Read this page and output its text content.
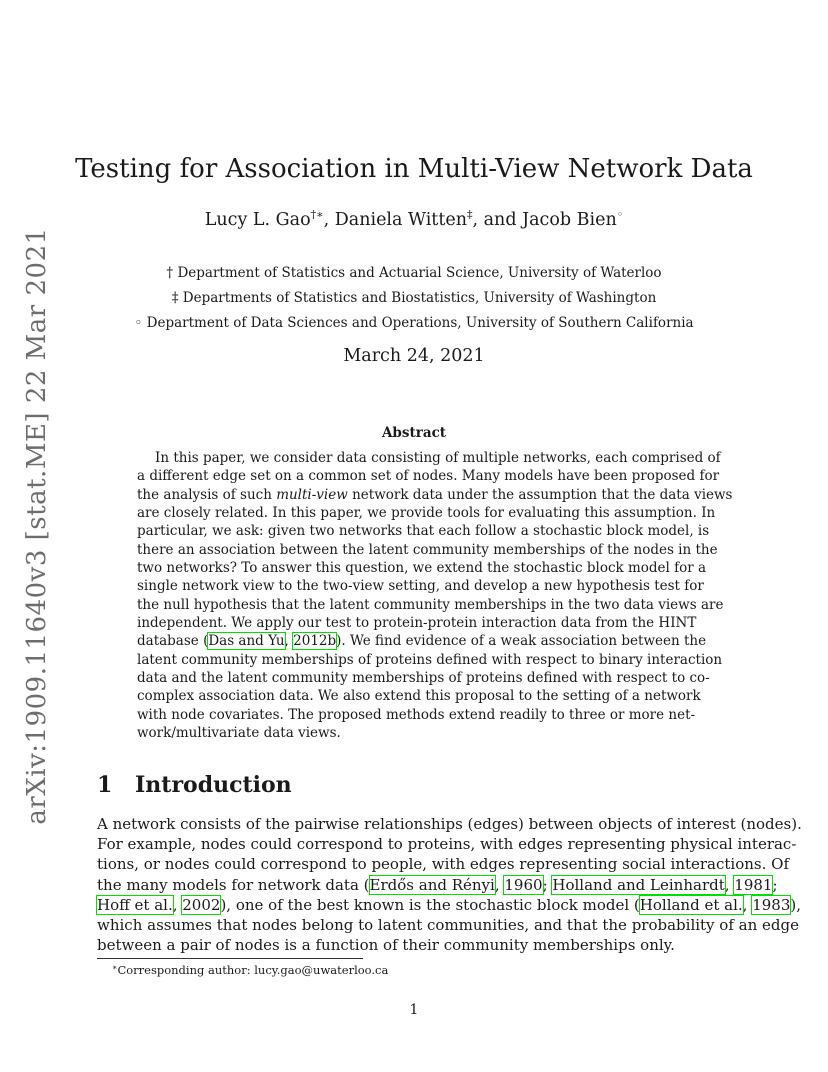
arXiv:1909.11640v3 [stat.ME] 22 Mar 2021
Testing for Association in Multi-View Network Data
Lucy L. Gao†∗, Daniela Witten‡, and Jacob Bien◦
† Department of Statistics and Actuarial Science, University of Waterloo
‡ Departments of Statistics and Biostatistics, University of Washington
◦ Department of Data Sciences and Operations, University of Southern California
March 24, 2021
Abstract
In this paper, we consider data consisting of multiple networks, each comprised of
a different edge set on a common set of nodes. Many models have been proposed for
the analysis of such multi-view network data under the assumption that the data views
are closely related. In this paper, we provide tools for evaluating this assumption. In
particular, we ask: given two networks that each follow a stochastic block model, is
there an association between the latent community memberships of the nodes in the
two networks? To answer this question, we extend the stochastic block model for a
single network view to the two-view setting, and develop a new hypothesis test for
the null hypothesis that the latent community memberships in the two data views are
independent. We apply our test to protein-protein interaction data from the HINT
database (Das and Yu, 2012b). We find evidence of a weak association between the
latent community memberships of proteins defined with respect to binary interaction
data and the latent community memberships of proteins defined with respect to co-
complex association data. We also extend this proposal to the setting of a network
with node covariates. The proposed methods extend readily to three or more net-
work/multivariate data views.
1 Introduction
A network consists of the pairwise relationships (edges) between objects of interest (nodes).
For example, nodes could correspond to proteins, with edges representing physical interac-
tions, or nodes could correspond to people, with edges representing social interactions. Of
the many models for network data (Erdős and Rényi, 1960; Holland and Leinhardt, 1981;
Hoff et al., 2002), one of the best known is the stochastic block model (Holland et al., 1983),
which assumes that nodes belong to latent communities, and that the probability of an edge
between a pair of nodes is a function of their community memberships only.
∗Corresponding author: lucy.gao@uwaterloo.ca
1
